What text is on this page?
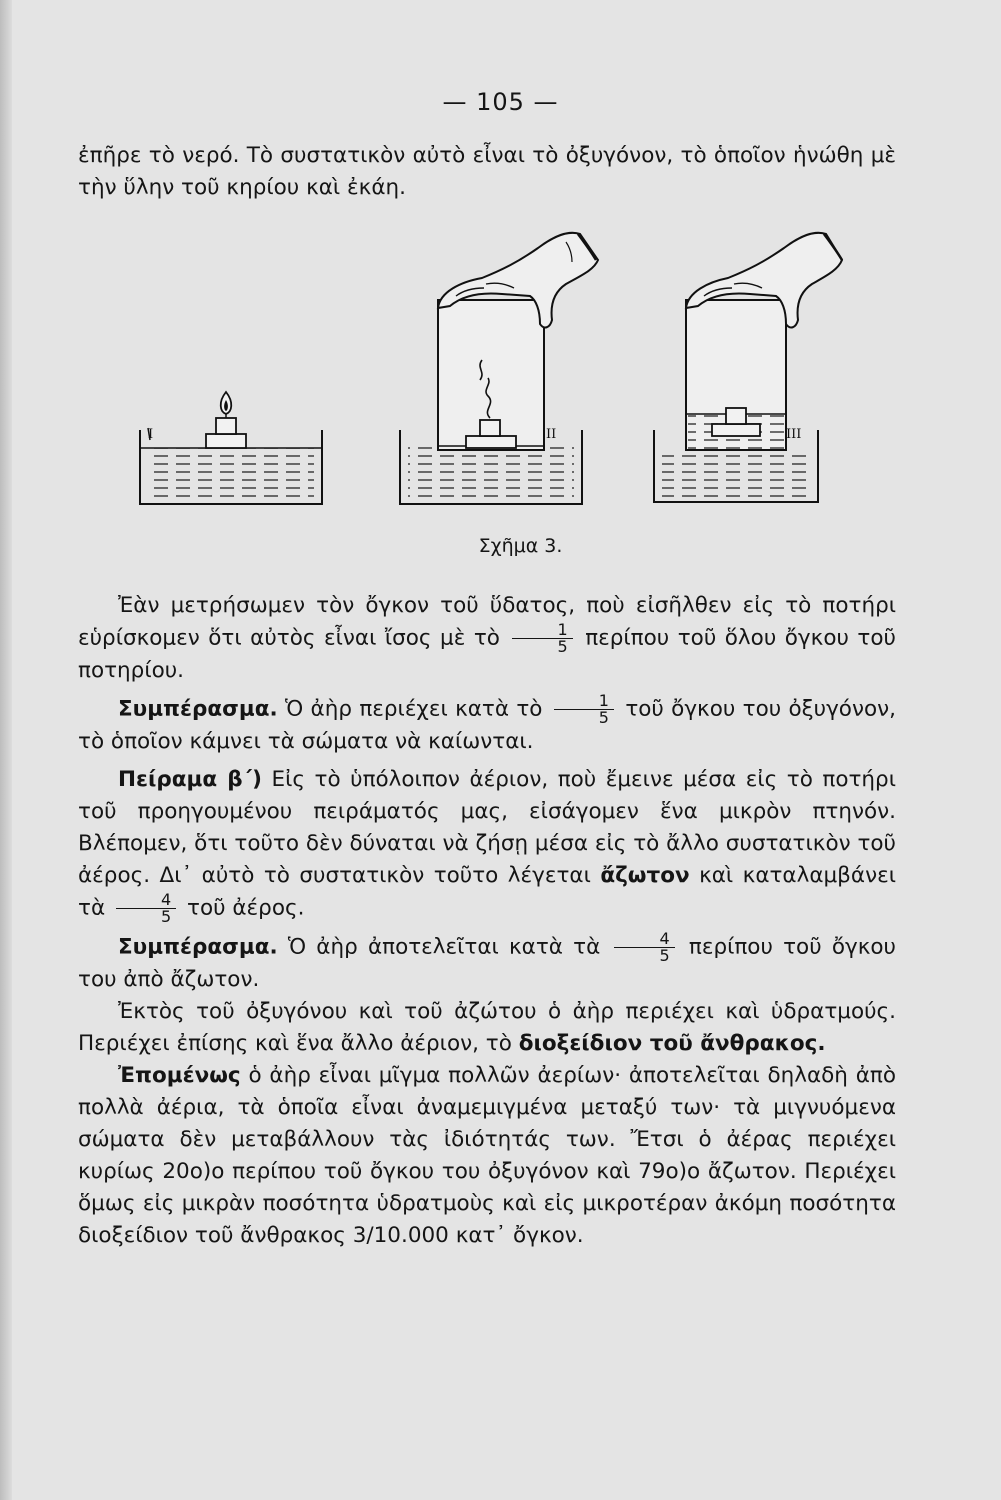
— 105 —

ἐπῆρε τὸ νερό. Τὸ συστατικὸν αὐτὸ εἶναι τὸ ὀξυγόνον, τὸ ὁποῖον ἡνώθη μὲ τὴν ὕλην τοῦ κηρίου καὶ ἐκάη.

I	II	III
Σχῆμα 3.

Ἐὰν μετρήσωμεν τὸν ὄγκον τοῦ ὕδατος, ποὺ εἰσῆλθεν εἰς τὸ ποτήρι εὑρίσκομεν ὅτι αὐτὸς εἶναι ἴσος μὲ τὸ $\frac{1}{5}$ περίπου τοῦ ὅλου ὄγκου τοῦ ποτηρίου.

Συμπέρασμα. Ὁ ἀὴρ περιέχει κατὰ τὸ $\frac{1}{5}$ τοῦ ὄγκου του ὀξυγόνον, τὸ ὁποῖον κάμνει τὰ σώματα νὰ καίωνται.

Πείραμα β΄) Εἰς τὸ ὑπόλοιπον ἀέριον, ποὺ ἔμεινε μέσα εἰς τὸ ποτήρι τοῦ προηγουμένου πειράματός μας, εἰσάγομεν ἕνα μικρὸν πτηνόν. Βλέπομεν, ὅτι τοῦτο δὲν δύναται νὰ ζήσῃ μέσα εἰς τὸ ἄλλο συστατικὸν τοῦ ἀέρος. Δι᾽ αὐτὸ τὸ συστατικὸν τοῦτο λέγεται ἄζωτον καὶ καταλαμβάνει τὰ $\frac{4}{5}$ τοῦ ἀέρος.

Συμπέρασμα. Ὁ ἀὴρ ἀποτελεῖται κατὰ τὰ $\frac{4}{5}$ περίπου τοῦ ὄγκου του ἀπὸ ἄζωτον.

Ἐκτὸς τοῦ ὀξυγόνου καὶ τοῦ ἀζώτου ὁ ἀὴρ περιέχει καὶ ὑδρατμούς. Περιέχει ἐπίσης καὶ ἕνα ἄλλο ἀέριον, τὸ διοξείδιον τοῦ ἄνθρακος.

Ἐπομένως ὁ ἀὴρ εἶναι μῖγμα πολλῶν ἀερίων· ἀποτελεῖται δηλαδὴ ἀπὸ πολλὰ ἀέρια, τὰ ὁποῖα εἶναι ἀναμεμιγμένα μεταξύ των· τὰ μιγνυόμενα σώματα δὲν μεταβάλλουν τὰς ἰδιότητάς των. Ἔτσι ὁ ἀέρας περιέχει κυρίως 20ο)ο περίπου τοῦ ὄγκου του ὀξυγόνον καὶ 79ο)ο ἄζωτον. Περιέχει ὅμως εἰς μικρὰν ποσότητα ὑδρατμοὺς καὶ εἰς μικροτέραν ἀκόμη ποσότητα διοξείδιον τοῦ ἄνθρακος 3/10.000 κατ᾽ ὄγκον.
